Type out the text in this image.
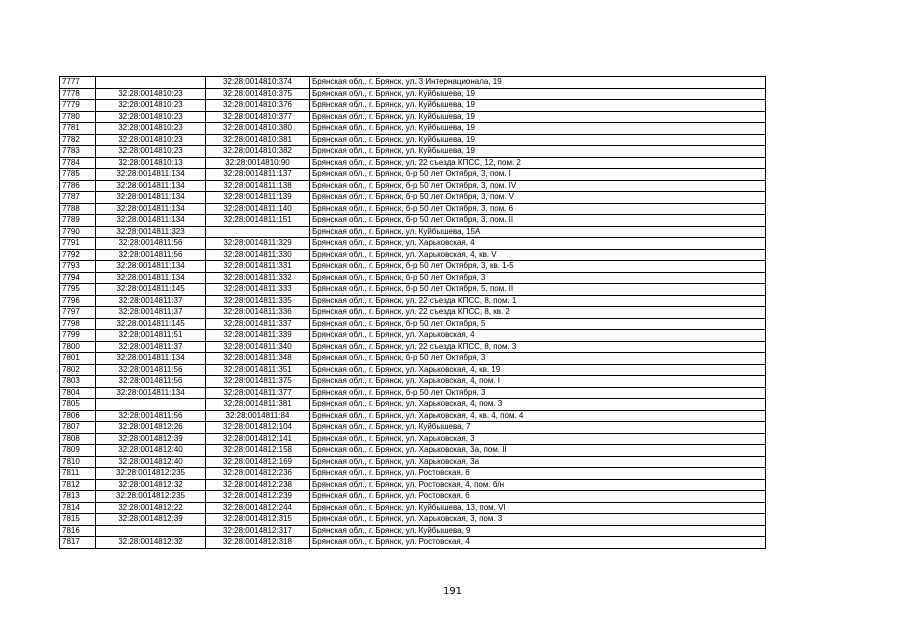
7777		32:28:0014810:374	Брянская обл., г. Брянск, ул. 3 Интернационала, 19
7778	32:28:0014810:23	32:28:0014810:375	Брянская обл., г. Брянск, ул. Куйбышева, 19
7779	32:28:0014810:23	32:28:0014810:376	Брянская обл., г. Брянск, ул. Куйбышева, 19
7780	32:28:0014810:23	32:28:0014810:377	Брянская обл., г. Брянск, ул. Куйбышева, 19
7781	32:28:0014810:23	32:28:0014810:380	Брянская обл., г. Брянск, ул. Куйбышева, 19
7782	32:28:0014810:23	32:28:0014810:381	Брянская обл., г. Брянск, ул. Куйбышева, 19
7783	32:28:0014810:23	32:28:0014810:382	Брянская обл., г. Брянск, ул. Куйбышева, 19
7784	32:28:0014810:13	32:28:0014810:90	Брянская обл., г. Брянск, ул. 22 съезда КПСС, 12, пом. 2
7785	32:28:0014811:134	32:28:0014811:137	Брянская обл., г. Брянск, б-р 50 лет Октября, 3, пом. I
7786	32:28:0014811:134	32:28:0014811:138	Брянская обл., г. Брянск, б-р 50 лет Октября, 3, пом. IV
7787	32:28:0014811:134	32:28:0014811:139	Брянская обл., г. Брянск, б-р 50 лет Октября, 3, пом. V
7788	32:28:0014811:134	32:28:0014811:140	Брянская обл., г. Брянск, б-р 50 лет Октября, 3, пом. 6
7789	32:28:0014811:134	32:28:0014811:151	Брянская обл., г. Брянск, б-р 50 лет Октября, 3, пом. II
7790	32:28:0014811:323		Брянская обл., г. Брянск, ул. Куйбышева, 15А
7791	32:28:0014811:56	32:28:0014811:329	Брянская обл., г. Брянск, ул. Харьковская, 4
7792	32:28:0014811:56	32:28:0014811:330	Брянская обл., г. Брянск, ул. Харьковская, 4, кв. V
7793	32:28:0014811:134	32:28:0014811:331	Брянская обл., г. Брянск, б-р 50 лет Октября, 3, кв. 1-5
7794	32:28:0014811:134	32:28:0014811:332	Брянская обл., г. Брянск, б-р 50 лет Октября, 3
7795	32:28:0014811:145	32:28:0014811:333	Брянская обл., г. Брянск, б-р 50 лет Октября, 5, пом. II
7796	32:28:0014811:37	32:28:0014811:335	Брянская обл., г. Брянск, ул. 22 съезда КПСС, 8, пом. 1
7797	32:28:0014811:37	32:28:0014811:336	Брянская обл., г. Брянск, ул. 22 съезда КПСС, 8, кв. 2
7798	32:28:0014811:145	32:28:0014811:337	Брянская обл., г. Брянск, б-р 50 лет Октября, 5
7799	32:28:0014811:51	32:28:0014811:339	Брянская обл., г. Брянск, ул. Харьковская, 4
7800	32:28:0014811:37	32:28:0014811:340	Брянская обл., г. Брянск, ул. 22 съезда КПСС, 8, пом. 3
7801	32:28:0014811:134	32:28:0014811:348	Брянская обл., г. Брянск, б-р 50 лет Октября, 3
7802	32:28:0014811:56	32:28:0014811:351	Брянская обл., г. Брянск, ул. Харьковская, 4, кв. 19
7803	32:28:0014811:56	32:28:0014811:375	Брянская обл., г. Брянск, ул. Харьковская, 4, пом. I
7804	32:28:0014811:134	32:28:0014811:377	Брянская обл., г. Брянск, б-р 50 лет Октября, 3
7805		32:28:0014811:381	Брянская обл., г. Брянск, ул. Харьковская, 4, пом. 3
7806	32:28:0014811:56	32:28:0014811:84	Брянская обл., г. Брянск, ул. Харьковская, 4, кв. 4, пом. 4
7807	32:28:0014812:26	32:28:0014812:104	Брянская обл., г. Брянск, ул. Куйбышева, 7
7808	32:28:0014812:39	32:28:0014812:141	Брянская обл., г. Брянск, ул. Харьковская, 3
7809	32:28:0014812:40	32:28:0014812:158	Брянская обл., г. Брянск, ул. Харьковская, 3а, пом. II
7810	32:28:0014812:40	32:28:0014812:169	Брянская обл., г. Брянск, ул. Харьковская, 3а
7811	32:28:0014812:235	32:28:0014812:236	Брянская обл., г. Брянск, ул. Ростовская, 6
7812	32:28:0014812:32	32:28:0014812:238	Брянская обл., г. Брянск, ул. Ростовская, 4, пом. б/н
7813	32:28:0014812:235	32:28:0014812:239	Брянская обл., г. Брянск, ул. Ростовская, 6
7814	32:28:0014812:22	32:28:0014812:244	Брянская обл., г. Брянск, ул. Куйбышева, 13, пом. VI
7815	32:28:0014812:39	32:28:0014812:315	Брянская обл., г. Брянск, ул. Харьковская, 3, пом. 3
7816		32:28:0014812:317	Брянская обл., г. Брянск, ул. Куйбышева, 9
7817	32:28:0014812:32	32:28:0014812:318	Брянская обл., г. Брянск, ул. Ростовская, 4
191
